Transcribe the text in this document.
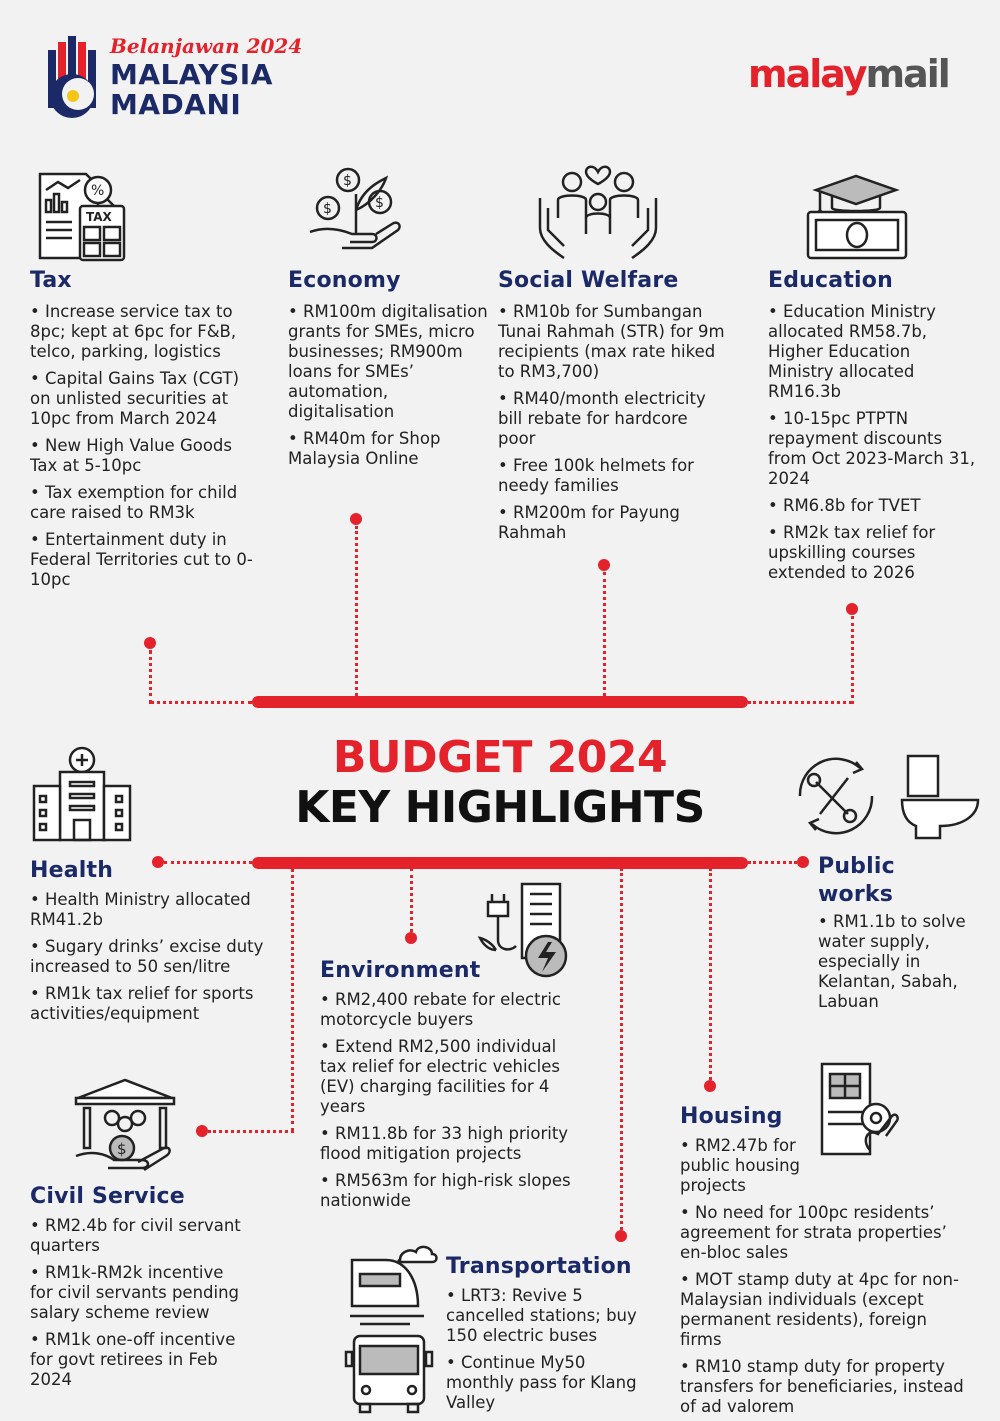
Belanjawan 2024
MALAYSIA
MADANI
malaymail
%
TAX
$
$	$
Tax
• Increase service tax to 8pc; kept at 6pc for F&B, telco, parking, logistics
• Capital Gains Tax (CGT) on unlisted securities at 10pc from March 2024
• New High Value Goods Tax at 5-10pc
• Tax exemption for child care raised to RM3k
• Entertainment duty in Federal Territories cut to 0-10pc
Economy
• RM100m digitalisation grants for SMEs, micro businesses; RM900m loans for SMEs’ automation, digitalisation
• RM40m for Shop Malaysia Online
Social Welfare
• RM10b for Sumbangan Tunai Rahmah (STR) for 9m recipients (max rate hiked to RM3,700)
• RM40/month electricity bill rebate for hardcore poor
• Free 100k helmets for needy families
• RM200m for Payung Rahmah
Education
• Education Ministry allocated RM58.7b, Higher Education Ministry allocated RM16.3b
• 10-15pc PTPTN repayment discounts from Oct 2023-March 31, 2024
• RM6.8b for TVET
• RM2k tax relief for upskilling courses extended to 2026
BUDGET 2024
KEY HIGHLIGHTS
$
Health
• Health Ministry allocated RM41.2b
• Sugary drinks’ excise duty increased to 50 sen/litre
• RM1k tax relief for sports activities/equipment
Public
works
• RM1.1b to solve water supply, especially in Kelantan, Sabah, Labuan
Environment
• RM2,400 rebate for electric motorcycle buyers
• Extend RM2,500 individual tax relief for electric vehicles (EV) charging facilities for 4 years
• RM11.8b for 33 high priority flood mitigation projects
• RM563m for high-risk slopes nationwide
Housing
• RM2.47b for public housing projects
• No need for 100pc residents’ agreement for strata properties’ en-bloc sales
• MOT stamp duty at 4pc for non-Malaysian individuals (except permanent residents), foreign firms
• RM10 stamp duty for property transfers for beneficiaries, instead of ad valorem
Civil Service
• RM2.4b for civil servant quarters
• RM1k-RM2k incentive for civil servants pending salary scheme review
• RM1k one-off incentive for govt retirees in Feb 2024
Transportation
• LRT3: Revive 5 cancelled stations; buy 150 electric buses
• Continue My50 monthly pass for Klang Valley
